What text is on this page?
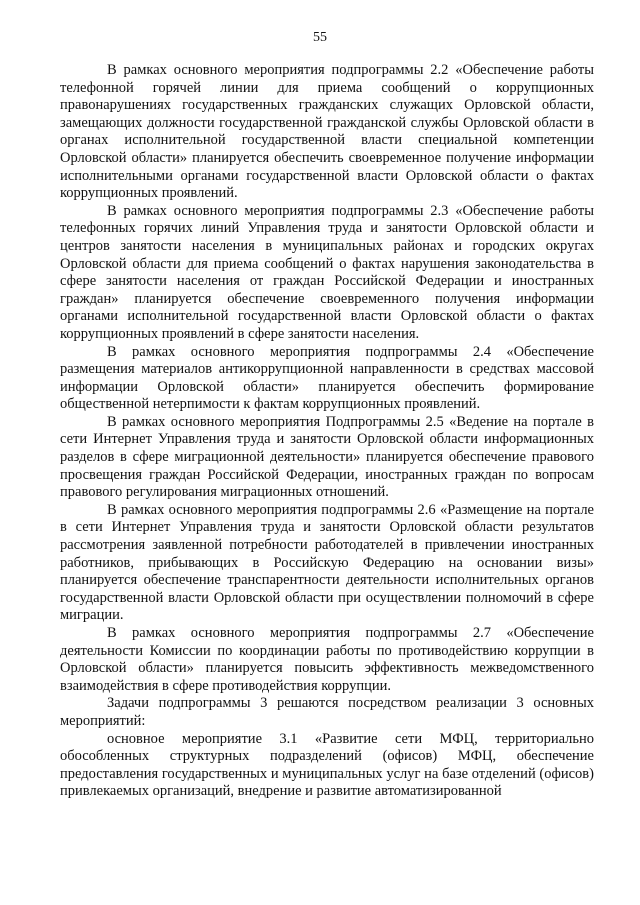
55

В рамках основного мероприятия подпрограммы 2.2 «Обеспечение работы телефонной горячей линии для приема сообщений о коррупционных правонарушениях государственных гражданских служащих Орловской области, замещающих должности государственной гражданской службы Орловской области в органах исполнительной государственной власти специальной компетенции Орловской области» планируется обеспечить своевременное получение информации исполнительными органами государственной власти Орловской области о фактах коррупционных проявлений.

В рамках основного мероприятия подпрограммы 2.3 «Обеспечение работы телефонных горячих линий Управления труда и занятости Орловской области и центров занятости населения в муниципальных районах и городских округах Орловской области для приема сообщений о фактах нарушения законодательства в сфере занятости населения от граждан Российской Федерации и иностранных граждан» планируется обеспечение своевременного получения информации органами исполнительной государственной власти Орловской области о фактах коррупционных проявлений в сфере занятости населения.

В рамках основного мероприятия подпрограммы 2.4 «Обеспечение размещения материалов антикоррупционной направленности в средствах массовой информации Орловской области» планируется обеспечить формирование общественной нетерпимости к фактам коррупционных проявлений.

В рамках основного мероприятия Подпрограммы 2.5 «Ведение на портале в сети Интернет Управления труда и занятости Орловской области информационных разделов в сфере миграционной деятельности» планируется обеспечение правового просвещения граждан Российской Федерации, иностранных граждан по вопросам правового регулирования миграционных отношений.

В рамках основного мероприятия подпрограммы 2.6 «Размещение на портале в сети Интернет Управления труда и занятости Орловской области результатов рассмотрения заявленной потребности работодателей в привлечении иностранных работников, прибывающих в Российскую Федерацию на основании визы» планируется обеспечение транспарентности деятельности исполнительных органов государственной власти Орловской области при осуществлении полномочий в сфере миграции.

В рамках основного мероприятия подпрограммы 2.7 «Обеспечение деятельности Комиссии по координации работы по противодействию коррупции в Орловской области» планируется повысить эффективность межведомственного взаимодействия в сфере противодействия коррупции.

Задачи подпрограммы 3 решаются посредством реализации 3 основных мероприятий:

основное мероприятие 3.1 «Развитие сети МФЦ, территориально обособленных структурных подразделений (офисов) МФЦ, обеспечение предоставления государственных и муниципальных услуг на базе отделений (офисов) привлекаемых организаций, внедрение и развитие автоматизированной
